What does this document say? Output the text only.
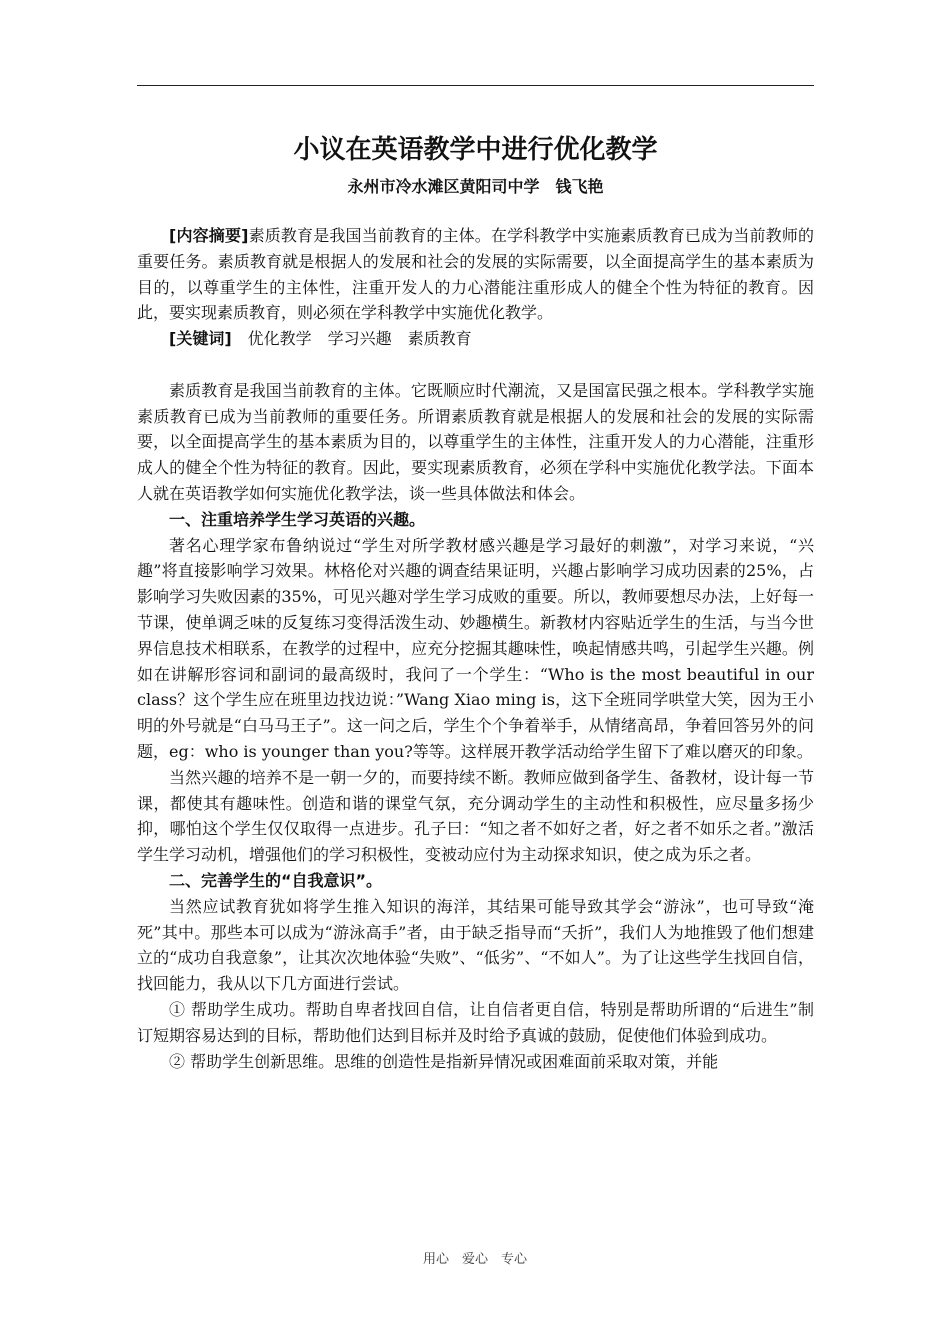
小议在英语教学中进行优化教学
永州市冷水滩区黄阳司中学　钱飞艳

[内容摘要]素质教育是我国当前教育的主体。在学科教学中实施素质教育已成为当前教师的重要任务。素质教育就是根据人的发展和社会的发展的实际需要，以全面提高学生的基本素质为目的，以尊重学生的主体性，注重开发人的力心潜能注重形成人的健全个性为特征的教育。因此，要实现素质教育，则必须在学科教学中实施优化教学。

[关键词]　优化教学　学习兴趣　素质教育

素质教育是我国当前教育的主体。它既顺应时代潮流，又是国富民强之根本。学科教学实施素质教育已成为当前教师的重要任务。所谓素质教育就是根据人的发展和社会的发展的实际需要，以全面提高学生的基本素质为目的，以尊重学生的主体性，注重开发人的力心潜能，注重形成人的健全个性为特征的教育。因此，要实现素质教育，必须在学科中实施优化教学法。下面本人就在英语教学如何实施优化教学法，谈一些具体做法和体会。

一、注重培养学生学习英语的兴趣。

著名心理学家布鲁纳说过“学生对所学教材感兴趣是学习最好的刺激”，对学习来说，“兴趣”将直接影响学习效果。林格伦对兴趣的调查结果证明，兴趣占影响学习成功因素的25%，占影响学习失败因素的35%，可见兴趣对学生学习成败的重要。所以，教师要想尽办法，上好每一节课，使单调乏味的反复练习变得活泼生动、妙趣横生。新教材内容贴近学生的生活，与当今世界信息技术相联系，在教学的过程中，应充分挖掘其趣味性，唤起情感共鸣，引起学生兴趣。例如在讲解形容词和副词的最高级时，我问了一个学生：“Who is the most beautiful in our class？这个学生应在班里边找边说：”Wang Xiao ming is，这下全班同学哄堂大笑，因为王小明的外号就是“白马马王子”。这一问之后，学生个个争着举手，从情绪高昂，争着回答另外的问题，eg：who is younger than you?等等。这样展开教学活动给学生留下了难以磨灭的印象。

当然兴趣的培养不是一朝一夕的，而要持续不断。教师应做到备学生、备教材，设计每一节课，都使其有趣味性。创造和谐的课堂气氛，充分调动学生的主动性和积极性，应尽量多扬少抑，哪怕这个学生仅仅取得一点进步。孔子曰：“知之者不如好之者，好之者不如乐之者。”激活学生学习动机，增强他们的学习积极性，变被动应付为主动探求知识，使之成为乐之者。

二、完善学生的“自我意识”。

当然应试教育犹如将学生推入知识的海洋，其结果可能导致其学会“游泳”，也可导致“淹死”其中。那些本可以成为“游泳高手”者，由于缺乏指导而“夭折”，我们人为地推毁了他们想建立的“成功自我意象”，让其次次地体验“失败”、“低劣”、“不如人”。为了让这些学生找回自信，找回能力，我从以下几方面进行尝试。

① 帮助学生成功。帮助自卑者找回自信，让自信者更自信，特别是帮助所谓的“后进生”制订短期容易达到的目标，帮助他们达到目标并及时给予真诚的鼓励，促使他们体验到成功。

② 帮助学生创新思维。思维的创造性是指新异情况或困难面前采取对策，并能

用心　爱心　专心
